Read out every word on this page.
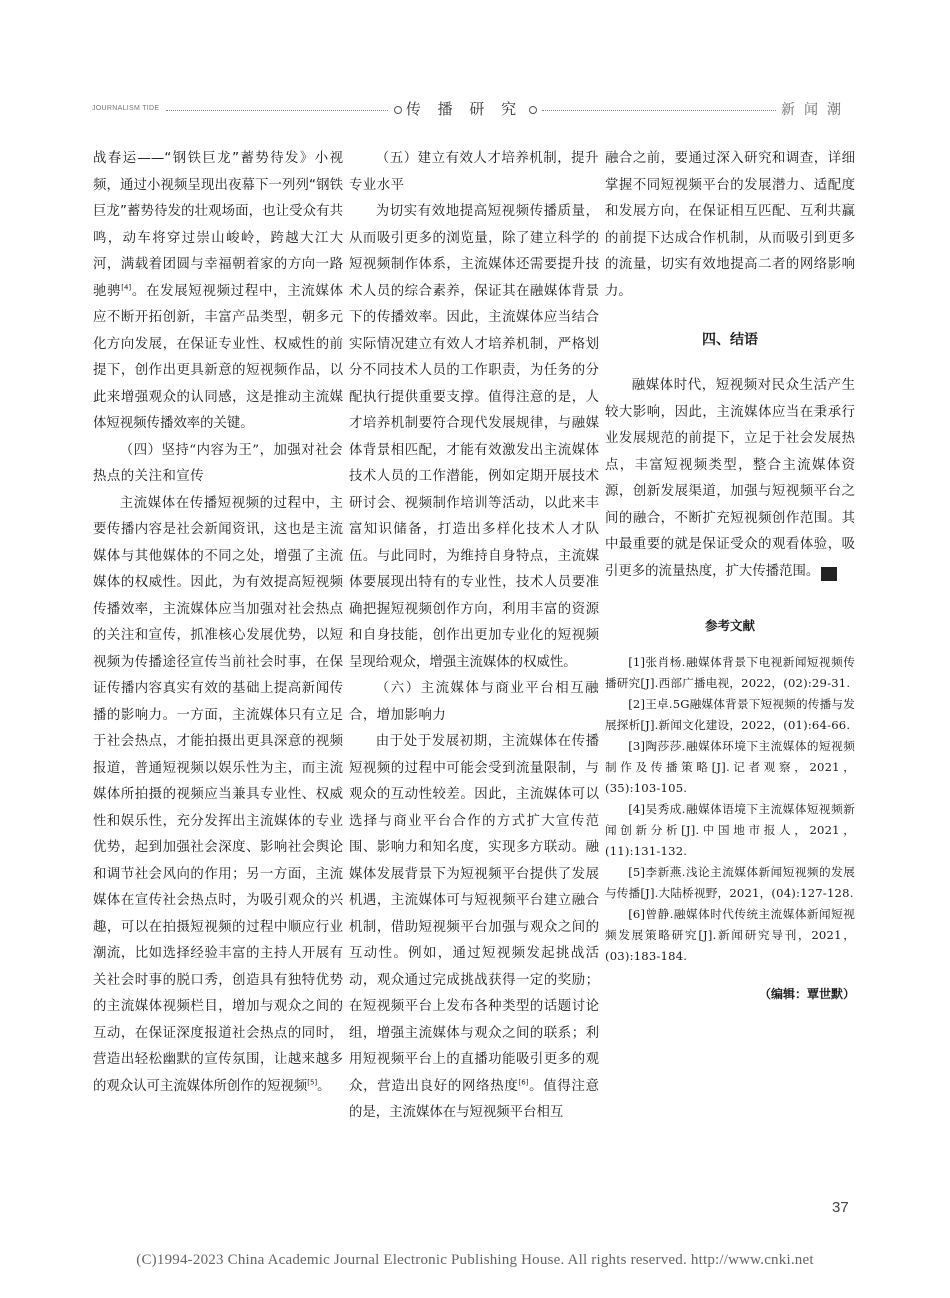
JOURNALISM TIDE	传 播 研 究	新闻潮

战春运——“钢铁巨龙”蓄势待发》小视频，通过小视频呈现出夜幕下一列列“钢铁巨龙”蓄势待发的壮观场面，也让受众有共鸣，动车将穿过崇山峻岭，跨越大江大河，满载着团圆与幸福朝着家的方向一路驰骋[4]。在发展短视频过程中，主流媒体应不断开拓创新，丰富产品类型，朝多元化方向发展，在保证专业性、权威性的前提下，创作出更具新意的短视频作品，以此来增强观众的认同感，这是推动主流媒体短视频传播效率的关键。

（四）坚持“内容为王”，加强对社会热点的关注和宣传

主流媒体在传播短视频的过程中，主要传播内容是社会新闻资讯，这也是主流媒体与其他媒体的不同之处，增强了主流媒体的权威性。因此，为有效提高短视频传播效率，主流媒体应当加强对社会热点的关注和宣传，抓准核心发展优势，以短视频为传播途径宣传当前社会时事，在保证传播内容真实有效的基础上提高新闻传播的影响力。一方面，主流媒体只有立足于社会热点，才能拍摄出更具深意的视频报道，普通短视频以娱乐性为主，而主流媒体所拍摄的视频应当兼具专业性、权威性和娱乐性，充分发挥出主流媒体的专业优势，起到加强社会深度、影响社会舆论和调节社会风向的作用；另一方面，主流媒体在宣传社会热点时，为吸引观众的兴趣，可以在拍摄短视频的过程中顺应行业潮流，比如选择经验丰富的主持人开展有关社会时事的脱口秀，创造具有独特优势的主流媒体视频栏目，增加与观众之间的互动，在保证深度报道社会热点的同时，营造出轻松幽默的宣传氛围，让越来越多的观众认可主流媒体所创作的短视频[5]。

（五）建立有效人才培养机制，提升专业水平

为切实有效地提高短视频传播质量，从而吸引更多的浏览量，除了建立科学的短视频制作体系，主流媒体还需要提升技术人员的综合素养，保证其在融媒体背景下的传播效率。因此，主流媒体应当结合实际情况建立有效人才培养机制，严格划分不同技术人员的工作职责，为任务的分配执行提供重要支撑。值得注意的是，人才培养机制要符合现代发展规律，与融媒体背景相匹配，才能有效激发出主流媒体技术人员的工作潜能，例如定期开展技术研讨会、视频制作培训等活动，以此来丰富知识储备，打造出多样化技术人才队伍。与此同时，为维持自身特点，主流媒体要展现出特有的专业性，技术人员要准确把握短视频创作方向，利用丰富的资源和自身技能，创作出更加专业化的短视频呈现给观众，增强主流媒体的权威性。

（六）主流媒体与商业平台相互融合，增加影响力

由于处于发展初期，主流媒体在传播短视频的过程中可能会受到流量限制，与观众的互动性较差。因此，主流媒体可以选择与商业平台合作的方式扩大宣传范围、影响力和知名度，实现多方联动。融媒体发展背景下为短视频平台提供了发展机遇，主流媒体可与短视频平台建立融合机制，借助短视频平台加强与观众之间的互动性。例如，通过短视频发起挑战活动，观众通过完成挑战获得一定的奖励；在短视频平台上发布各种类型的话题讨论组，增强主流媒体与观众之间的联系；利用短视频平台上的直播功能吸引更多的观众，营造出良好的网络热度[6]。值得注意的是，主流媒体在与短视频平台相互

融合之前，要通过深入研究和调查，详细掌握不同短视频平台的发展潜力、适配度和发展方向，在保证相互匹配、互利共赢的前提下达成合作机制，从而吸引到更多的流量，切实有效地提高二者的网络影响力。

四、结语

融媒体时代，短视频对民众生活产生较大影响，因此，主流媒体应当在秉承行业发展规范的前提下，立足于社会发展热点，丰富短视频类型，整合主流媒体资源，创新发展渠道，加强与短视频平台之间的融合，不断扩充短视频创作范围。其中最重要的就是保证受众的观看体验，吸引更多的流量热度，扩大传播范围。	新

参考文献

[1]张肖杨.融媒体背景下电视新闻短视频传播研究[J].西部广播电视，2022，(02):29-31.

[2]王卓.5G融媒体背景下短视频的传播与发展探析[J].新闻文化建设，2022，(01):64-66.

[3]陶莎莎.融媒体环境下主流媒体的短视频制作及传播策略[J].记者观察，2021，(35):103-105.

[4]吴秀成.融媒体语境下主流媒体短视频新闻创新分析[J].中国地市报人，2021，(11):131-132.

[5]李新燕.浅论主流媒体新闻短视频的发展与传播[J].大陆桥视野，2021，(04):127-128.

[6]曾静.融媒体时代传统主流媒体新闻短视频发展策略研究[J].新闻研究导刊，2021，(03):183-184.

（编辑：覃世默）
37
(C)1994-2023 China Academic Journal Electronic Publishing House. All rights reserved. http://www.cnki.net
